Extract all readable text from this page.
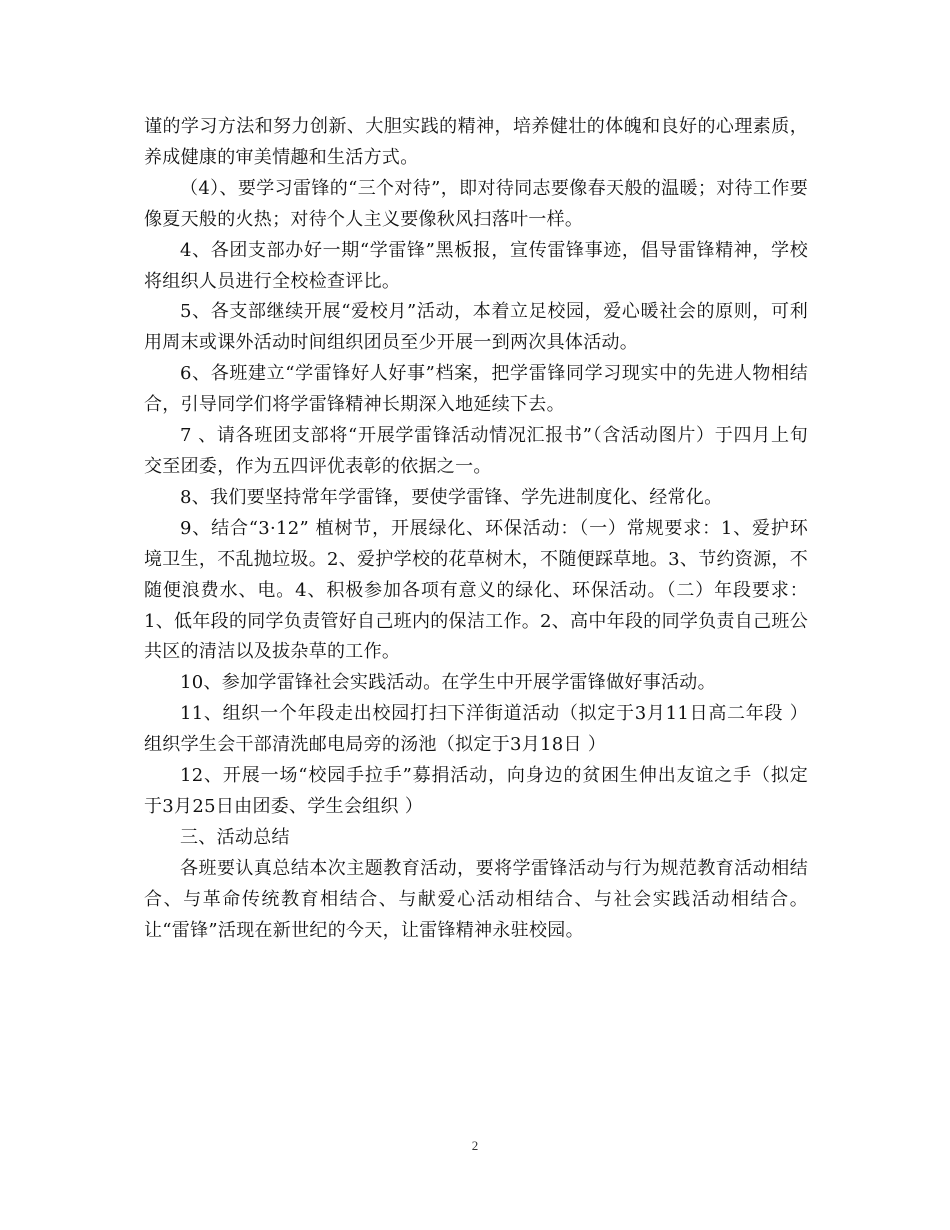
谨的学习方法和努力创新、大胆实践的精神，培养健壮的体魄和良好的心理素质，养成健康的审美情趣和生活方式。

（4）、要学习雷锋的“三个对待”，即对待同志要像春天般的温暖；对待工作要像夏天般的火热；对待个人主义要像秋风扫落叶一样。

4、各团支部办好一期“学雷锋”黑板报，宣传雷锋事迹，倡导雷锋精神，学校将组织人员进行全校检查评比。

5、各支部继续开展“爱校月”活动，本着立足校园，爱心暖社会的原则，可利用周末或课外活动时间组织团员至少开展一到两次具体活动。

6、各班建立“学雷锋好人好事”档案，把学雷锋同学习现实中的先进人物相结合，引导同学们将学雷锋精神长期深入地延续下去。

7 、请各班团支部将“开展学雷锋活动情况汇报书”（含活动图片）于四月上旬交至团委，作为五四评优表彰的依据之一。

8、我们要坚持常年学雷锋，要使学雷锋、学先进制度化、经常化。

9、结合“3·12” 植树节，开展绿化、环保活动：（一）常规要求：1、爱护环境卫生，不乱抛垃圾。2、爱护学校的花草树木，不随便踩草地。3、节约资源，不随便浪费水、电。4、积极参加各项有意义的绿化、环保活动。（二）年段要求：1、低年段的同学负责管好自己班内的保洁工作。2、高中年段的同学负责自己班公共区的清洁以及拔杂草的工作。

10、参加学雷锋社会实践活动。在学生中开展学雷锋做好事活动。

11、组织一个年段走出校园打扫下洋街道活动（拟定于3月11日高二年段 ）组织学生会干部清洗邮电局旁的汤池（拟定于3月18日 ）

12、开展一场“校园手拉手”募捐活动，向身边的贫困生伸出友谊之手（拟定于3月25日由团委、学生会组织 ）

三、活动总结

各班要认真总结本次主题教育活动，要将学雷锋活动与行为规范教育活动相结合、与革命传统教育相结合、与献爱心活动相结合、与社会实践活动相结合。让“雷锋”活现在新世纪的今天，让雷锋精神永驻校园。

2
